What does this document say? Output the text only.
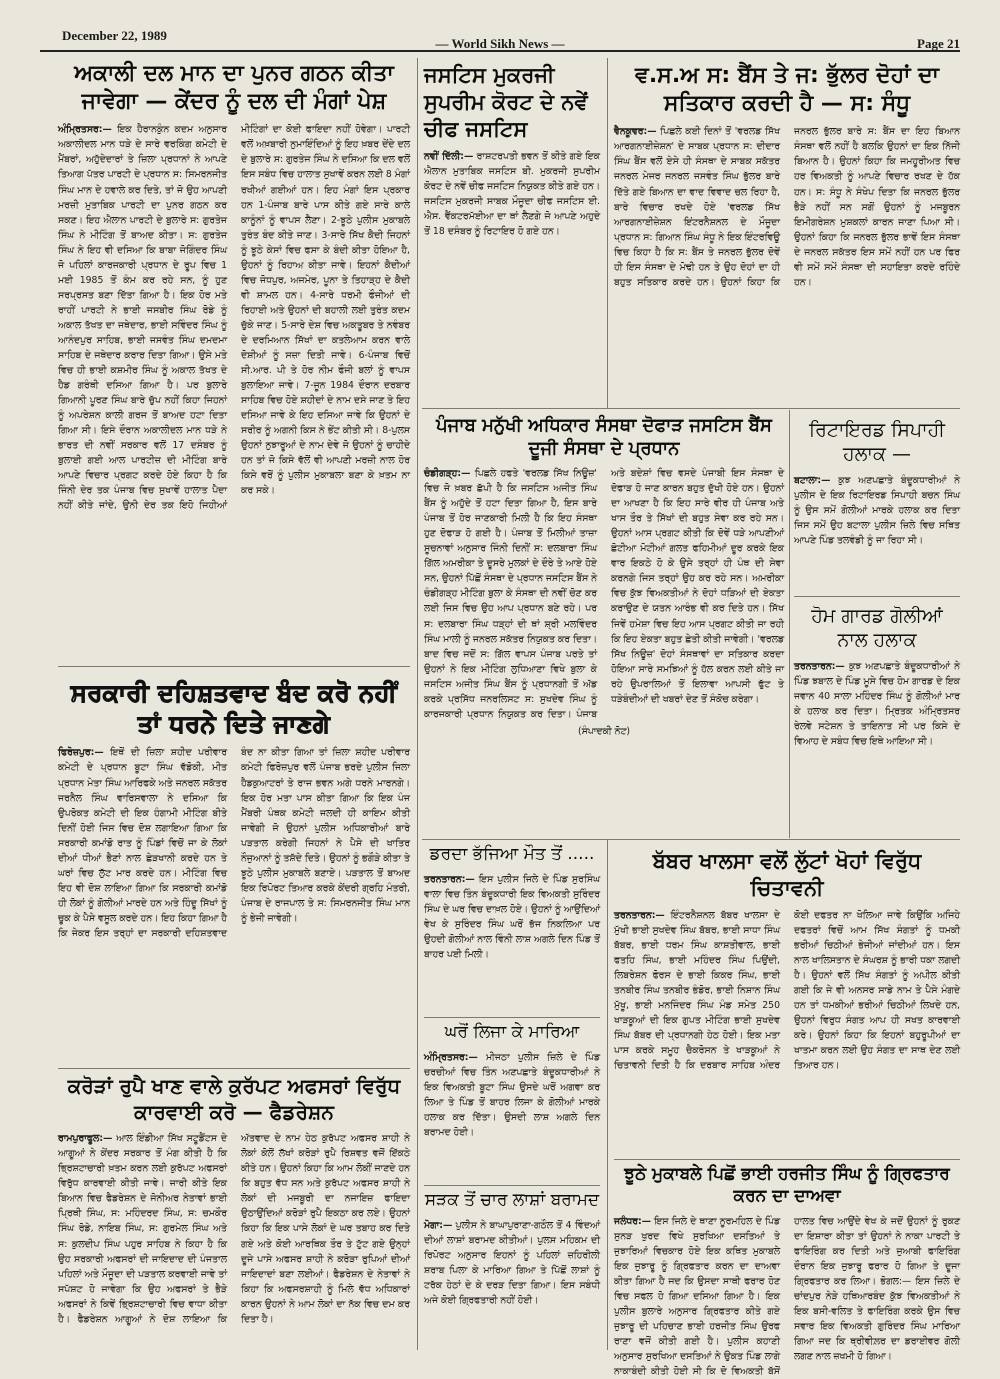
December 22, 1989
— World Sikh News —	Page 21
ਅਕਾਲੀ ਦਲ ਮਾਨ ਦਾ ਪੁਨਰ ਗਠਨ ਕੀਤਾ ਜਾਵੇਗਾ — ਕੇਂਦਰ ਨੂੰ ਦਲ ਦੀ ਮੰਗਾਂ ਪੇਸ਼

ਅੰਮ੍ਰਿਤਸਰ:— ਇਕ ਹੈਰਾਨਕੁੰਨ ਕਦਮ ਅਨੁਸਾਰ ਅਕਾਲੀਦਲ ਮਾਨ ਧੜੇ ਦੇ ਸਾਰੇ ਵਰਕਿੰਗ ਕਮੇਟੀ ਦੇ ਮੈਂਬਰਾਂ, ਅਹੁੱਦੇਦਾਰਾਂ ਤੇ ਜ਼ਿਲਾ ਪ੍ਰਧਾਨਾਂ ਨੇ ਆਪਣੇ ਤਿਆਗ ਪੱਤਰ ਪਾਰਟੀ ਦੇ ਪ੍ਰਧਾਨ ਸ: ਸਿਮਰਨਜੀਤ ਸਿੰਘ ਮਾਨ ਦੇ ਹਵਾਲੇ ਕਰ ਦਿਤੇ, ਤਾਂ ਜੋ ਉਹ ਆਪਣੀ ਮਰਜ਼ੀ ਮੁਤਾਬਿਕ ਪਾਰਟੀ ਦਾ ਪੁਨਰ ਗਠਨ ਕਰ ਸਕਣ। ਇਹ ਐਲਾਨ ਪਾਰਟੀ ਦੇ ਬੁਲਾਰੇ ਸ: ਗੁਰਤੇਜ ਸਿੰਘ ਨੇ ਮੀਟਿੰਗ ਤੋਂ ਬਾਅਦ ਕੀਤਾ। ਸ: ਗੁਰਤੇਜ ਸਿੰਘ ਨੇ ਇਹ ਵੀ ਦਸਿਆ ਕਿ ਬਾਬਾ ਜੋਗਿੰਦਰ ਸਿੰਘ ਜੋ ਪਹਿਲਾਂ ਕਾਰਜਕਾਰੀ ਪ੍ਰਧਾਨ ਦੇ ਰੂਪ ਵਿਚ 1 ਮਈ 1985 ਤੋਂ ਕੰਮ ਕਰ ਰਹੇ ਸਨ, ਨੂੰ ਹੁਣ ਸਰਪ੍ਰਸਤ ਬਣਾ ਦਿੱਤਾ ਗਿਆ ਹੈ। ਇਕ ਹੋਰ ਮਤੇ ਰਾਹੀਂ ਪਾਰਟੀ ਨੇ ਭਾਈ ਜਸਬੀਰ ਸਿੰਘ ਰੋਡੇ ਨੂੰ ਅਕਾਲ ਤੱਖਤ ਦਾ ਜਥੇਦਾਰ, ਭਾਈ ਸਵਿੰਦਰ ਸਿੰਘ ਨੂੰ ਆਨੰਦਪੁਰ ਸਾਹਿਬ, ਭਾਈ ਜਸਵੰਤ ਸਿੰਘ ਦਮਦਮਾ ਸਾਹਿਬ ਦੇ ਜਥੇਦਾਰ ਕਰਾਰ ਦਿਤਾ ਗਿਆ। ਉਸੇ ਮਤੇ ਵਿਚ ਹੀ ਭਾਈ ਕਸ਼ਮੀਰ ਸਿੰਘ ਨੂੰ ਅਕਾਲ ਤੱਖਤ ਦੇ ਹੈਡ ਗਰੰਥੀ ਦਸਿਆ ਗਿਆ ਹੈ। ਪਰ ਬੁਲਾਰੇ ਗਿਆਨੀ ਪੂਰਣ ਸਿੰਘ ਬਾਰੇ ਚੁੱਪ ਨਹੀਂ ਕਿਹਾ ਜਿਹਨਾਂ ਨੂੰ ਅਪਰੇਸ਼ਨ ਕਾਲੀ ਗਰਜ ਤੋਂ ਬਾਅਦ ਹਟਾ ਦਿਤਾ ਗਿਆ ਸੀ। ਇਸੇ ਦੌਰਾਨ ਅਕਾਲੀਦਲ ਮਾਨ ਧੜੇ ਨੇ ਭਾਰਤ ਦੀ ਨਵੀਂ ਸਰਕਾਰ ਵਲੋਂ 17 ਦਸੰਬਰ ਨੂੰ ਬੁਲਾਈ ਗਈ ਆਲ ਪਾਰਟੀਜ਼ ਦੀ ਮੀਟਿੰਗ ਬਾਰੇ ਆਪਣੇ ਵਿਚਾਰ ਪ੍ਰਗਟ ਕਰਦੇ ਹੋਏ ਕਿਹਾ ਹੈ ਕਿ ਜਿੰਨੀ ਦੇਰ ਤਕ ਪੰਜਾਬ ਵਿਚ ਸੁਖਾਵੇਂ ਹਾਲਾਤ ਪੈਦਾ ਨਹੀਂ ਕੀਤੇ ਜਾਂਦੇ, ਉਨੀ ਦੇਰ ਤਕ ਇਹੋ ਜਿਹੀਆਂ ਮੀਟਿੰਗਾਂ ਦਾ ਕੋਈ ਫਾਇਦਾ ਨਹੀਂ ਹੋਵੇਗਾ। ਪਾਰਟੀ ਵਲੋਂ ਅਖ਼ਬਾਰੀ ਨੁਮਾਇੰਦਿਆਂ ਨੂੰ ਇਹ ਖ਼ਬਰ ਦੇਂਦੇ ਦਲ ਦੇ ਬੁਲਾਰੇ ਸ: ਗੁਰਤੇਜ ਸਿੰਘ ਨੇ ਦਸਿਆ ਕਿ ਦਲ ਵਲੋਂ ਇਸ ਸਬੰਧ ਵਿਚ ਹਾਲਾਤ ਸੁਖਾਵੇਂ ਕਰਨ ਲਈ 8 ਮੰਗਾਂ ਰਖੀਆਂ ਗਈਆਂ ਹਨ। ਇਹ ਮੰਗਾਂ ਇਸ ਪ੍ਰਕਾਰ ਹਨ 1-ਪੰਜਾਬ ਬਾਰੇ ਪਾਸ ਕੀਤੇ ਗਏ ਸਾਰੇ ਕਾਲੇ ਕਾਨੂੰਨਾਂ ਨੂੰ ਵਾਪਸ ਲੈਣਾ। 2-ਝੂਠੇ ਪੁਲੀਸ ਮੁਕਾਬਲੇ ਤੁਰੰਤ ਬੰਦ ਕੀਤੇ ਜਾਣ। 3-ਸਾਰੇ ਸਿੱਖ ਕੈਦੀ ਜਿਹਨਾਂ ਨੂੰ ਝੂਠੇ ਕੇਸਾਂ ਵਿਚ ਫਸਾ ਕੇ ਬੰਦੀ ਕੀਤਾ ਹੋਇਆ ਹੈ, ਉਹਨਾਂ ਨੂੰ ਰਿਹਾਅ ਕੀਤਾ ਜਾਵੇ। ਇਹਨਾਂ ਕੈਦੀਆਂ ਵਿਚ ਜੋਧਪੁਰ, ਅਜਮੇਰ, ਪੂਨਾ ਤੇ ਤਿਹਾੜ੍ਹ ਦੇ ਕੈਦੀ ਵੀ ਸ਼ਾਮਲ ਹਨ। 4-ਸਾਰੇ ਧਰਮੀ ਫੌਜੀਆਂ ਦੀ ਰਿਹਾਈ ਅਤੇ ਉਹਨਾਂ ਦੀ ਬਹਾਲੀ ਲਈ ਤੁਰੰਤ ਕਦਮ ਚੁੱਕੇ ਜਾਣ। 5-ਸਾਰੇ ਦੇਸ਼ ਵਿਚ ਅਕਤੂਬਰ ਤੇ ਨਵੰਬਰ ਦੇ ਦਰਮਿਆਨ ਸਿੱਖਾਂ ਦਾ ਕਤਲੇਆਮ ਕਰਨ ਵਾਲੇ ਦੋਸ਼ੀਆਂ ਨੂੰ ਸਜ਼ਾ ਦਿਤੀ ਜਾਵੇ। 6-ਪੰਜਾਬ ਵਿਚੋਂ ਸੀ.ਆਰ. ਪੀ ਤੇ ਹੋਰ ਨੀਮ ਫੌਜੀ ਬਲਾਂ ਨੂੰ ਵਾਪਸ ਬੁਲਾਇਆ ਜਾਵੇ। 7-ਜੂਨ 1984 ਦੌਰਾਨ ਦਰਬਾਰ ਸਾਹਿਬ ਵਿਚ ਹੋਏ ਸ਼ਹੀਦਾਂ ਦੇ ਨਾਮ ਦਸੇ ਜਾਣ ਤੇ ਇਹ ਦਸਿਆ ਜਾਵੇ ਕੇ ਇਹ ਦਸਿਆ ਜਾਵੇ ਕਿ ਉਹਨਾਂ ਦੇ ਸਰੀਰ ਨੂੰ ਅਗਨੀ ਕਿਸ ਨੇ ਭੇਂਟ ਕੀਤੀ ਸੀ। 8-ਪੁਲਸ ਉਹਨਾਂ ਨੁਝਾਰੂਆਂ ਦੇ ਨਾਮ ਦੇਵੇ ਜੋ ਉਹਨਾਂ ਨੂੰ ਚਾਹੀਦੇ ਹਨ ਤਾਂ ਜੋ ਕਿਸੇ ਵੱਲੋਂ ਵੀ ਆਪਣੀ ਮਰਜ਼ੀ ਨਾਲ ਹੋਰ ਕਿਸੇ ਵਰੋਂ ਨੂੰ ਪੁਲੀਸ ਮੁਕਾਬਲਾ ਬਣਾ ਕੇ ਖ਼ਤਮ ਨਾ ਕਰ ਸਕੇ।

ਜਸਟਿਸ ਮੁਕਰਜੀ ਸੁਪਰੀਮ ਕੋਰਟ ਦੇ ਨਵੇਂ ਚੀਫ ਜਸਟਿਸ

ਨਵੀਂ ਦਿੱਲੀ:— ਰਾਸ਼ਟਰਪਤੀ ਭਵਨ ਤੋਂ ਕੀਤੇ ਗਏ ਇਕ ਐਲਾਨ ਮੁਤਾਬਿਕ ਜਸਟਿਸ ਬੀ. ਮੁਕਰਜੀ ਸੁਪਰੀਮ ਕੋਰਟ ਦੇ ਨਵੇਂ ਚੀਫ ਜਸਟਿਸ ਨਿਯੁਕਤ ਕੀਤੇ ਗਏ ਹਨ। ਜਸਟਿਸ ਮੁਕਰਜੀ ਸਾਬਕ ਮੌਜੂਦਾ ਚੀਫ ਜਸਟਿਸ ਈ. ਐਸ. ਵੈਂਕਟਰਮੱਈਆ ਦਾ ਥਾਂ ਲੈਣਗੇ ਜੋ ਆਪਣੇ ਅਹੁਦੇ ਤੋਂ 18 ਦਸੰਬਰ ਨੂੰ ਰਿਟਾਇਰ ਹੋ ਗਏ ਹਨ।

ਵ.ਸ.ਅ ਸ: ਬੈਂਸ ਤੇ ਜ: ਭੁੱਲਰ ਦੋਹਾਂ ਦਾ ਸਤਿਕਾਰ ਕਰਦੀ ਹੈ — ਸ: ਸੰਧੂ

ਵੈਨਕੂਵਰ:— ਪਿਛਲੇ ਕਈ ਦਿਨਾਂ ਤੋਂ 'ਵਰਲਡ ਸਿੱਖ ਆਰਗਨਾਈਜ਼ੇਸ਼ਨ' ਦੇ ਸਾਬਕ ਪ੍ਰਧਾਨ ਸ: ਦੀਦਾਰ ਸਿੰਘ ਬੈਂਸ ਵਲੋਂ ਏਸੇ ਹੀ ਸੰਸਥਾ ਦੇ ਸਾਬਕ ਸਕੱਤਰ ਜਨਰਲ ਮੇਜਰ ਜਨਰਲ ਜਸਵੰਤ ਸਿੰਘ ਭੁੱਲਰ ਬਾਰੇ ਦਿੱਤੇ ਗਏ ਬਿਆਨ ਦਾ ਵਾਦ ਵਿਵਾਦ ਚਲ ਰਿਹਾ ਹੈ, ਬਾਰੇ ਵਿਚਾਰ ਰਖਦੇ ਹੋਏ 'ਵਰਲਡ ਸਿੱਖ ਆਰਗਨਾਈਜ਼ੇਸ਼ਨ ਇਂਟਰਨੈਸ਼ਨਲ ਦੇ ਮੌਜੂਦਾ ਪ੍ਰਧਾਨ ਸ: ਗਿਆਨ ਸਿੰਘ ਸੰਧੂ ਨੇ ਇਕ ਇੰਟਰਵਿਊ ਵਿਚ ਕਿਹਾ ਹੈ ਕਿ ਸ: ਬੈਂਸ ਤੇ ਜਨਰਲ ਭੁੱਲਰ ਦੋਵੇਂ ਹੀ ਇਸ ਸੰਸਥਾ ਦੇ ਮੋਢੀ ਹਨ ਤੇ ਉਹ ਦੋਹਾਂ ਦਾ ਹੀ ਬਹੁਤ ਸਤਿਕਾਰ ਕਰਦੇ ਹਨ। ਉਹਨਾਂ ਕਿਹਾ ਕਿ ਜਨਰਲ ਭੁੱਲਰ ਬਾਰੇ ਸ: ਬੈਂਸ ਦਾ ਇਹ ਬਿਆਨ ਸੰਸਥਾ ਵਲੋਂ ਨਹੀਂ ਹੈ ਬਲਕਿ ਉਹਨਾਂ ਦਾ ਇਕ ਨਿੱਜੀ ਬਿਆਨ ਹੈ। ਉਹਨਾਂ ਕਿਹਾ ਕਿ ਜਮਹੂਰੀਅਤ ਵਿਚ ਹਰ ਵਿਅਕਤੀ ਨੂੰ ਆਪਣੇ ਵਿਚਾਰ ਰਖਣ ਦੇ ਹੱਕ ਹਨ। ਸ: ਸੰਧੂ ਨੇ ਸੰਖੇਪ ਦਿਤਾ ਕਿ ਜਨਰਲ ਭੁੱਲਰ ਭੈੜੇ ਨਹੀਂ ਸਨ ਸਗੋਂ ਉਹਨਾਂ ਨੂੰ ਮਜਬੂਰਨ ਇਮੀਗਰੇਸ਼ਨ ਮੁਸ਼ਕਲਾਂ ਕਾਰਨ ਜਾਣਾ ਪਿਆ ਸੀ। ਉਹਨਾਂ ਕਿਹਾ ਕਿ ਜਨਰਲ ਭੁੱਲਰ ਭਾਵੇਂ ਇਸ ਸੰਸਥਾ ਦੇ ਜਨਰਲ ਸਕੱਤਰ ਇਸ ਸਮੇਂ ਨਹੀਂ ਹਨ ਪਰ ਫਿਰ ਵੀ ਸਮੇਂ ਸਮੇਂ ਸੰਸਥਾ ਦੀ ਸਹਾਇਤਾ ਕਰਦੇ ਰਹਿੰਦੇ ਹਨ।

ਪੰਜਾਬ ਮਨੁੱਖੀ ਅਧਿਕਾਰ ਸੰਸਥਾ ਦੋਫਾੜ ਜਸਟਿਸ ਬੈਂਸ ਦੂਜੀ ਸੰਸਥਾ ਦੇ ਪ੍ਰਧਾਨ

ਚੰਡੀਗੜ੍ਹ:— ਪਿਛਲੇ ਹਫਤੇ 'ਵਰਲਡ ਸਿੱਖ ਨਿਊਜ਼' ਵਿਚ ਜੋ ਖ਼ਬਰ ਛੱਪੀ ਹੈ ਕਿ ਜਸਟਿਸ ਅਜੀਤ ਸਿੰਘ ਬੈਂਸ ਨੂੰ ਅਹੁੱਦੇ ਤੋਂ ਹਟਾ ਦਿਤਾ ਗਿਆ ਹੈ, ਇਸ ਬਾਰੇ ਪੰਜਾਬ ਤੋਂ ਹੋਰ ਜਾਣਕਾਰੀ ਮਿਲੀ ਹੈ ਕਿ ਇਹ ਸੰਸਥਾ ਹੁਣ ਦੋਫਾੜ ਹੋ ਗਈ ਹੈ। ਪੰਜਾਬ ਤੋਂ ਮਿਲੀਆਂ ਤਾਜ਼ਾ ਸੂਚਨਾਵਾਂ ਅਨੁਸਾਰ ਜਿੰਨੀ ਦਿਨੀਂ ਸ: ਦਲਬਾਰਾ ਸਿੰਘ ਗਿੱਲ ਅਮਰੀਕਾ ਤੇ ਦੂਸਰੇ ਮੁਲਕਾਂ ਦੇ ਦੌਰੇ ਤੇ ਆਏ ਹੋਏ ਸਨ, ਉਹਨਾਂ ਪਿੱਛੋਂ ਸੰਸਥਾ ਦੇ ਪ੍ਰਧਾਨ ਜਸਟਿਸ ਬੈਂਸ ਨੇ ਚੰਡੀਗੜ੍ਹ ਮੀਟਿੰਗ ਬੁਲਾ ਕੇ ਸੰਸਥਾ ਦੀ ਨਵੀਂ ਚੋਣ ਕਰ ਲਈ ਜਿਸ ਵਿਚ ਉਹ ਆਪ ਪ੍ਰਧਾਨ ਬਣੇ ਰਹੇ। ਪਰ ਸ: ਦਲਬਾਰਾ ਸਿੰਘ ਧੜ੍ਹਾਂ ਦੀ ਥਾਂ ਸ਼੍ਰੀ ਮਲਵਿੰਦਰ ਸਿੰਘ ਮਾਲੀ ਨੂੰ ਜਨਰਲ ਸਕੱਤਰ ਨਿਯੁਕਤ ਕਰ ਦਿਤਾ। ਬਾਦ ਵਿਚ ਜਦੋਂ ਸ: ਗਿੱਲ ਵਾਪਸ ਪੰਜਾਬ ਪਰਤੇ ਤਾਂ ਉਹਨਾਂ ਨੇ ਇਕ ਮੀਟਿੰਗ ਲੁਧਿਆਣਾ ਵਿਖੇ ਬੁਲਾ ਕੇ ਜਸਟਿਸ ਅਜੀਤ ਸਿੰਘ ਬੈਂਸ ਨੂੰ ਪ੍ਰਧਾਨਗੀ ਤੋਂ ਅੱਡ ਕਰਕੇ ਪ੍ਰਸਿੱਧ ਜਨਰਲਿਸਟ ਸ: ਸੁਖਦੇਵ ਸਿੰਘ ਨੂੰ ਕਾਰਜਕਾਰੀ ਪ੍ਰਧਾਨ ਨਿਯੁਕਤ ਕਰ ਦਿਤਾ। ਪੰਜਾਬ ਅਤੇ ਬਦੇਸ਼ਾਂ ਵਿਚ ਵਸਦੇ ਪੰਜਾਬੀ ਇਸ ਸੰਸਥਾ ਦੇ ਦੋਫਾੜ ਹੋ ਜਾਣ ਕਾਰਨ ਬਹੁਤ ਦੁੱਖੀ ਹੋਏ ਹਨ। ਉਹਨਾਂ ਦਾ ਆਖਣਾ ਹੈ ਕਿ ਇਹ ਸਾਰੇ ਵੀਰ ਹੀ ਪੰਜਾਬ ਅਤੇ ਖਾਸ ਤੌਰ ਤੇ ਸਿੱਖਾਂ ਦੀ ਬਹੁਤ ਸੇਵਾ ਕਰ ਰਹੇ ਸਨ। ਉਹਨਾਂ ਆਸ ਪ੍ਰਗਟ ਕੀਤੀ ਕਿ ਦੋਵੇਂ ਧੜੇ ਆਪਣੀਆਂ ਛੋਟੀਆ ਮੋਟੀਆਂ ਗਲਤ ਫਹਿਮੀਆਂ ਦੂਰ ਕਰਕੇ ਇਕ ਵਾਰ ਇਕਠੇ ਹੋ ਕੇ ਉਸੇ ਤਰ੍ਹਾਂ ਹੀ ਪੰਥ ਦੀ ਸੇਵਾ ਕਰਨਗੇ ਜਿਸ ਤਰ੍ਹਾਂ ਉਹ ਕਰ ਰਹੇ ਸਨ। ਅਮਰੀਕਾ ਵਿਚ ਕੁੱਝ ਵਿਅਕਤੀਆਂ ਨੇ ਦੋਹਾਂ ਧੜਿਆਂ ਦੀ ਏਕਤਾ ਕਰਾਉਣ ਦੇ ਯਤਨ ਆਰੰਭ ਵੀ ਕਰ ਦਿਤੇ ਹਨ। ਸਿੱਖ ਜਿਵੇਂ ਹਮੇਸ਼ਾ ਵਿਚ ਇਹ ਆਸ ਪ੍ਰਗਟ ਕੀਤੀ ਜਾ ਰਹੀ ਕਿ ਇਹ ਏਕਤਾ ਬਹੁਤ ਛੇਤੀ ਕੀਤੀ ਜਾਵੇਗੀ। 'ਵਰਲਡ ਸਿੱਖ ਨਿਊਜ਼' ਦੋਹਾਂ ਸੰਸਥਾਵਾਂ ਦਾ ਸਤਿਕਾਰ ਕਰਦਾ ਹੋਇਆ ਸਾਰੇ ਸਮਝਿਆਂ ਨੂੰ ਹੱਲ ਕਰਨ ਲਈ ਕੀਤੇ ਜਾ ਰਹੇ ਉਪਰਾਲਿਆਂ ਤੋਂ ਇਲਾਵਾ ਆਪਸੀ ਫੁੱਟ ਤੇ ਧੜੇਬੰਦੀਆਂ ਦੀ ਖਬਰਾਂ ਦੇਣ ਤੋਂ ਸੰਕੋਚ ਕਰੇਗਾ।

(ਸੰਪਾਦਕੀ ਨੋਟ)
ਰਿਟਾਇਰਡ ਸਿਪਾਹੀ ਹਲਾਕ —

ਬਟਾਲਾ:— ਕੁਝ ਅਣਪਛਾਤੇ ਬੰਦੂਕਧਾਰੀਆਂ ਨੇ ਪੁਲੀਸ ਦੇ ਇਕ ਰਿਟਾਇਰਡ ਸਿਪਾਹੀ ਬਚਨ ਸਿੰਘ ਨੂੰ ਉਸ ਸਮੇਂ ਗੋਲੀਆਂ ਮਾਰਕੇ ਹਲਾਕ ਕਰ ਦਿਤਾ ਜਿਸ ਸਮੇਂ ਉਹ ਬਟਾਲਾ ਪੁਲੀਸ ਜ਼ਿਲੇ ਵਿਚ ਸਥਿਤ ਆਪਣੇ ਪਿੰਡ ਤਲਵੰਡੀ ਨੂੰ ਜਾ ਰਿਹਾ ਸੀ।

ਹੋਮ ਗਾਰਡ ਗੋਲੀਆਂ ਨਾਲ ਹਲਾਕ

ਤਰਨਤਾਰਨ:— ਕੁਝ ਅਣਪਛਾਤੇ ਬੰਦੂਕਧਾਰੀਆਂ ਨੇ ਪਿੰਡ ਝਬਾਲ ਦੇ ਪਿੰਡ ਮੂਸੇ ਵਿਚ ਹੋਮ ਗਾਰਡ ਦੇ ਇਕ ਜਵਾਨ 40 ਸਾਲਾ ਮਹਿੰਦਰ ਸਿੰਘ ਨੂੰ ਗੋਲੀਆਂ ਮਾਰ ਕੇ ਹਲਾਕ ਕਰ ਦਿਤਾ। ਮ੍ਰਿਤਕ ਅੰਮ੍ਰਿਤਸਰ ਰੇਲਵੇ ਸਟੇਸ਼ਨ ਤੇ ਤਾਇਨਾਤ ਸੀ ਪਰ ਕਿਸੇ ਦੇ ਵਿਆਹ ਦੇ ਸਬੰਧ ਵਿਚ ਇਥੇ ਆਇਆ ਸੀ।

ਸਰਕਾਰੀ ਦਹਿਸ਼ਤਵਾਦ ਬੰਦ ਕਰੋ ਨਹੀਂ ਤਾਂ ਧਰਨੇ ਦਿਤੇ ਜਾਣਗੇ

ਫਿਰੋਜ਼ਪੁਰ:— ਇਥੋਂ ਦੀ ਜ਼ਿਲਾ ਸ਼ਹੀਦ ਪਰੀਵਾਰ ਕਮੇਟੀ ਦੇ ਪ੍ਰਧਾਨ ਬੂਟਾ ਸਿੰਘ ਵੱਡੋਕੀ, ਮੀਤ ਪ੍ਰਧਾਨ ਮੇਤਾ ਸਿੰਘ ਆਰਿਫਕੇ ਅਤੇ ਜਨਰਲ ਸਕੱਤਰ ਜਰਨੈਲ ਸਿੰਘ ਵਾਰਿਸਵਾਲਾ ਨੇ ਦਸਿਆ ਕਿ ਉਪਰੋਕਤ ਕਮੇਟੀ ਦੀ ਇਕ ਹੰਗਾਮੀ ਮੀਟਿੰਗ ਬੀਤੇ ਦਿਨੀਂ ਹੋਈ ਜਿਸ ਵਿਚ ਦੋਸ਼ ਲਗਾਇਆ ਗਿਆ ਕਿ ਸਰਕਾਰੀ ਕਮਾਂਡੋ ਰਾਤ ਨੂੰ ਪਿੰਡਾਂ ਵਿਚੋਂ ਜਾ ਕੇ ਲੋਕਾਂ ਦੀਆਂ ਧੀਆਂ ਭੈਣਾਂ ਨਾਲ ਛੇੜਖਾਨੀ ਕਰਦੇ ਹਨ ਤੇ ਘਰਾਂ ਵਿਚ ਲੁੱਟ ਮਾਰ ਕਰਦੇ ਹਨ। ਮੀਟਿੰਗ ਵਿਚ ਇਹ ਵੀ ਦੋਸ਼ ਲਾਇਆ ਗਿਆ ਕਿ ਸਰਕਾਰੀ ਕਮਾਂਡੋ ਹੀ ਲੋਕਾਂ ਨੂੰ ਗੋਲੀਆਂ ਮਾਰਦੇ ਹਨ ਅਤੇ ਹਿੰਦੂ ਸਿੱਖਾਂ ਨੂੰ ਚੂਕ ਕੇ ਪੈਸੇ ਵਸੂਲ ਕਰਦੇ ਹਨ। ਇਹ ਕਿਹਾ ਗਿਆ ਹੈ ਕਿ ਜੇਕਰ ਇਸ ਤਰ੍ਹਾਂ ਦਾ ਸਰਕਾਰੀ ਦਹਿਸ਼ਤਵਾਦ ਬੰਦ ਨਾ ਕੀਤਾ ਗਿਆ ਤਾਂ ਜ਼ਿਲਾ ਸ਼ਹੀਦ ਪਰੀਵਾਰ ਕਮੇਟੀ ਫਿਰੋਜ਼ਪੁਰ ਵਲੋਂ ਪੰਜਾਬ ਭਰਦੇ ਪੁਲੀਸ ਜਿਲਾ ਹੈਡਕੁਆਟਰਾਂ ਤੇ ਰਾਜ ਭਵਨ ਅਗੇ ਧਰਨੇ ਮਾਰਨਗੇ। ਇਕ ਹੋਰ ਮਤਾ ਪਾਸ ਕੀਤਾ ਗਿਆ ਕਿ ਇਕ ਪੰਜ ਮੈਂਬਰੀ ਪੰਥਕ ਕਮੇਟੀ ਜਲਦੀ ਹੀ ਕਾਇਮ ਕੀਤੀ ਜਾਵੇਗੀ ਜੋ ਉਹਨਾਂ ਪੁਲੀਸ ਅਧਿਕਾਰੀਆਂ ਬਾਰੇ ਪੜਤਾਲ ਕਰੇਗੀ ਜਿਹਨਾਂ ਨੇ ਪੈਸੇ ਦੀ ਖਾਤਿਰ ਨੌਜੁਆਨਾਂ ਨੂੰ ਤਸ਼ੱਦੇ ਦਿਤੇ। ਉਹਨਾਂ ਨੂੰ ਭਗੌੜੇ ਕੀਤਾ ਤੇ ਝੂਠੇ ਪੁਲੀਸ ਮੁਕਾਬਲੇ ਬਣਾਏ। ਪੜਤਾਲ ਤੋਂ ਬਾਅਦ ਇਕ ਰਿਪੋਰਟ ਤਿਆਰ ਕਰਕੇ ਕੇਂਦਰੀ ਗ੍ਰਹਿ ਮੰਤਰੀ, ਪੰਜਾਬ ਦੇ ਰਾਜਪਾਲ ਤੇ ਸ: ਸਿਮਰਨਜੀਤ ਸਿੰਘ ਮਾਨ ਨੂੰ ਭੇਜੀ ਜਾਵੇਗੀ।

ਡਰਦਾ ਭੱਜਿਆ ਮੌਤ ਤੋਂ .....

ਤਰਨਤਾਰਨ:— ਇਸ ਪੁਲੀਸ ਜਿਲੇ ਦੇ ਪਿੰਡ ਸੁਰਸਿੰਘ ਵਾਲਾ ਵਿਚ ਤਿੰਨ ਬੰਦੂਕਧਾਰੀ ਇਕ ਵਿਅਕਤੀ ਸੁਰਿੰਦਰ ਸਿੰਘ ਦੇ ਘਰ ਵਿਚ ਦਾਖ਼ਲ ਹੋਏ। ਉਹਨਾਂ ਨੂੰ ਆਉਂਦਿਆਂ ਵੇਖ ਕੇ ਸੁਰਿੰਦਰ ਸਿੰਘ ਘਰੋਂ ਭੱਜ ਨਿਕਲਿਆ ਪਰ ਉਹਦੀ ਗੋਲੀਆਂ ਨਾਲ ਵਿੰਨੀ ਲਾਸ਼ ਅਗਲੇ ਦਿਨ ਪਿੰਡ ਤੋਂ ਬਾਹਰ ਪਈ ਮਿਲੀ।

ਘਰੋਂ ਲਿਜਾ ਕੇ ਮਾਰਿਆ

ਅੰਮ੍ਰਿਤਸਰ:— ਮੀਜਠਾ ਪੁਲੀਸ ਜ਼ਿਲੇ ਦੇ ਪਿੰਡ ਚਰਚੀਆਂ ਵਿਚ ਤਿੰਨ ਅਣਪਛਾਤੇ ਬੰਦੂਕਧਾਰੀਆਂ ਨੇ ਇਕ ਵਿਅਕਤੀ ਬੂਟਾ ਸਿੰਘ ਉਸਦੇ ਘਰੋਂ ਅਗਵਾ ਕਰ ਲਿਆ ਤੇ ਪਿੰਡ ਤੋਂ ਬਾਹਰ ਲਿਜਾ ਕੇ ਗੋਲੀਆਂ ਮਾਰਕੇ ਹਲਾਕ ਕਰ ਦਿੱਤਾ। ਉਸਦੀ ਲਾਸ਼ ਅਗਲੇ ਦਿਨ ਬਰਾਮਦ ਹੋਈ।

ਸੜਕ ਤੋਂ ਚਾਰ ਲਾਸ਼ਾਂ ਬਰਾਮਦ

ਮੋਗਾ:— ਪੁਲੀਸ ਨੇ ਬਾਘਾਪੁਰਾਣਾ-ਗਠੌਲ ਤੋਂ 4 ਵਿੰਦਆਂ ਦੀਆਂ ਲਾਸ਼ਾਂ ਬਰਾਮਦ ਕੀਤੀਆਂ। ਪੁਲਸ ਮਹਿਕਮ ਦੀ ਰਿਪੋਰਟ ਅਨੁਸਾਰ ਇਹਨਾਂ ਨੂੰ ਪਹਿਲਾਂ ਜ਼ਹਿਰੀਲੀ ਸ਼ਰਾਬ ਪਿਲਾ ਕੇ ਮਾਰਿਆ ਗਿਆ ਤੇ ਪਿੱਛੋਂ ਲਾਸ਼ਾਂ ਨੂੰ ਟਰੱਕ ਹੇਠਾਂ ਦੇ ਕੇ ਦਰੜ ਦਿਤਾ ਗਿਆ। ਇਸ ਸਬੰਧੀ ਅਜੇ ਕੋਈ ਗ੍ਰਿਫਤਾਰੀ ਨਹੀਂ ਹੋਈ।

ਬੱਬਰ ਖਾਲਸਾ ਵਲੋਂ ਲੁੱਟਾਂ ਖੋਹਾਂ ਵਿਰੁੱਧ ਚਿਤਾਵਨੀ

ਤਰਨਤਾਰਨ:— ਇੰਟਰਨੈਸ਼ਨਲ ਬੱਬਰ ਖਾਲਸਾ ਦੇ ਮੁੱਖੀ ਭਾਈ ਸੁਖਦੇਵ ਸਿੰਘ ਬੱਬਰ, ਭਾਈ ਸਾਧਾ ਸਿੰਘ ਬੱਬਰ, ਭਾਈ ਧਰਮ ਸਿੰਘ ਕਾਸ਼ਤੀਵਾਲ, ਭਾਈ ਫਤਹਿ ਸਿੰਘ, ਭਾਈ ਮਹਿੰਦਰ ਸਿੰਘ ਪਿਉਂਦੀ, ਲਿਬਰੇਸ਼ਨ ਫੋਰਸ ਦੇ ਭਾਈ ਕਿਕਰ ਸਿੰਘ, ਭਾਈ ਤਨਬੀਰ ਸਿੰਘ ਤਨਬੀਰ ਭੰਡੋਰ, ਭਾਈ ਨਿਸ਼ਾਨ ਸਿੰਘ ਮੁੱਖੂ, ਭਾਈ ਮਨਜਿੰਦਰ ਸਿੰਘ ਮੰਡ ਸਮੇਤ 250 ਖਾੜਕੂਆਂ ਦੀ ਇਕ ਗੁਪਤ ਮੀਟਿੰਗ ਭਾਈ ਸੁਖਦੇਵ ਸਿੰਘ ਬੱਬਰ ਦੀ ਪ੍ਰਧਾਨਗੀ ਹੇਠ ਹੋਈ। ਇਕ ਮਤਾ ਪਾਸ ਕਰਕੇ ਸਮੂਹ ਚੈਕਰੋਸਨ ਤੇ ਖਾੜਕੂਆਂ ਨੇ ਚਿਤਾਵਨੀ ਦਿਤੀ ਹੈ ਕਿ ਦਰਬਾਰ ਸਾਹਿਬ ਅੰਦਰ ਕੋਈ ਦਫਤਰ ਨਾ ਖੋਲਿਆ ਜਾਵੇ ਕਿਉਂਕਿ ਅਜਿਹੇ ਦਫਤਰਾਂ ਵਿਚੋਂ ਆਮ ਸਿੱਖ ਸੰਗਤਾਂ ਨੂੰ ਧਮਕੀ ਭਰੀਆਂ ਚਿਠੀਆਂ ਭੇਜੀਆਂ ਜਾਂਦੀਆਂ ਹਨ। ਇਸ ਨਾਲ ਖਾਲਿਸਤਾਨ ਦੇ ਸੰਘਰਸ਼ ਨੂੰ ਭਾਰੀ ਧਕਾ ਲਗਦੀ ਹੈ। ਉਹਨਾਂ ਵਲੋਂ ਸਿੱਖ ਸੰਗਤਾਂ ਨੂੰ ਅਪੀਲ ਕੀਤੀ ਗਈ ਕਿ ਜੇ ਵੀ ਅਨਸਰ ਸਾਡੇ ਨਾਮ ਤੇ ਪੈਸੇ ਮੰਗਦੇ ਹਨ ਤਾਂ ਧਮਕੀਆਂ ਭਰੀਆਂ ਚਿਠੀਆਂ ਲਿਖਦੇ ਹਨ, ਉਹਨਾਂ ਵਿਰੁਧ ਸੰਗਤ ਆਪ ਹੀ ਸਖਤ ਕਾਰਵਾਈ ਕਰੇ। ਉਹਨਾਂ ਕਿਹਾ ਕਿ ਇਹਨਾਂ ਬਹੁਰੂਪੀਆਂ ਦਾ ਖਾਤਮਾ ਕਰਨ ਲਈ ਉਹ ਸੰਗਤ ਦਾ ਸਾਥ ਦੇਣ ਲਈ ਤਿਆਰ ਹਨ।

ਕਰੋੜਾਂ ਰੁਪੈ ਖਾਣ ਵਾਲੇ ਕੁਰੱਪਟ ਅਫਸਰਾਂ ਵਿਰੁੱਧ ਕਾਰਵਾਈ ਕਰੋ — ਫੈਡਰੇਸ਼ਨ

ਰਾਮਪੁਰਾਫੂਲ:— ਆਲ ਇੰਡੀਆ ਸਿੱਖ ਸਟੂਡੈਂਟਸ ਦੇ ਆਗੂਆਂ ਨੇ ਕੇਂਦਰ ਸਰਕਾਰ ਤੋਂ ਮੰਗ ਕੀਤੀ ਹੈ ਕਿ ਭ੍ਰਿਸ਼ਟਾਚਾਰੀ ਖ਼ਤਮ ਕਰਨ ਲਈ ਕੁਰੱਪਟ ਅਫਸਰਾਂ ਵਿਰੁੱਧ ਕਾਰਵਾਈ ਕੀਤੀ ਜਾਵੇ। ਜਾਰੀ ਕੀਤੇ ਇਕ ਬਿਆਨ ਵਿਚ ਫੈਡਰੇਸ਼ਨ ਦੇ ਜੋਨੀਅਰ ਨੇਤਾਵਾਂ ਭਾਈ ਪ੍ਰਿਥੀ ਸਿੰਘ, ਸ: ਮਹਿੰਦਰਦ ਸਿੰਘ, ਸ: ਚਮਕੌਰ ਸਿੰਘ ਰੋਡੇ, ਨਾਇਬ ਸਿੰਘ, ਸ: ਗੁਰਮੇਲ ਸਿੰਘ ਅਤੇ ਸ: ਕੁਲਦੀਪ ਸਿੰਘ ਪਹੁਰ ਸਾਹਿਬ ਨੇ ਕਿਹਾ ਹੈ ਕਿ ਉਹ ਸਰਕਾਰੀ ਅਫਸਰਾਂ ਦੀ ਜਾਇਦਾਦ ਦੀ ਪੰਜਤਾਲ ਪਹਿਲਾਂ ਅਤੇ ਮੌਜੂਦਾ ਦੀ ਪੜਤਾਲ ਕਰਵਾਈ ਜਾਵੇ ਤਾਂ ਸਪੱਸ਼ਟ ਹੋ ਜਾਵੇਗਾ ਕਿ ਉਹ ਅਫਸਰਾਂ ਤੇ ਭੈੜੇ ਅਫਸਰਾਂ ਨੇ ਕਿਵੇਂ ਭ੍ਰਿਸ਼ਟਾਚਾਰੀ ਵਿਚ ਵਾਧਾ ਕੀਤਾ ਹੈ। ਫੈਡਰੇਸ਼ਨ ਆਗੂਆਂ ਨੇ ਦੋਸ਼ ਲਾਇਆ ਕਿ ਅੱਤਵਾਦ ਦੇ ਨਾਮ ਹੇਠ ਕੁਰੱਪਟ ਅਫਸਰ ਸ਼ਾਹੀ ਨੇ ਲੋਕਾਂ ਕੋਲੋਂ ਲੱਖਾਂ ਕਰੋੜਾਂ ਰੁਪੈ ਰਿਸ਼ਵਤ ਵਜੋਂ ਇੱਕਠੇ ਕੀਤੇ ਹਨ। ਉਹਨਾਂ ਕਿਹਾ ਕਿ ਆਮ ਲੋਕੀਂ ਜਾਣਦੇ ਹਨ ਕਿ ਬਹੁਤ ਵੱਧ ਸਨ ਅਤੇ ਕੁਰੱਪਟ ਅਫਸਰ ਸ਼ਾਹੀ ਨੇ ਲੋਕਾਂ ਦੀ ਮਜਬੂਰੀ ਦਾ ਨਜਾਇਜ਼ ਫਾਇਦਾ ਉਠਾਉਂਦਿਆਂ ਕਰੋੜਾਂ ਰੁਪੈ ਇਕਠਾ ਕਰ ਲਏ। ਉਹਨਾਂ ਕਿਹਾ ਕਿ ਇਕ ਪਾਸੇ ਲੋਕਾਂ ਦੇ ਘਰ ਤਬਾਹ ਕਰ ਦਿਤੇ ਗਏ ਅਤੇ ਕੋਈ ਆਰਥਿਕ ਤੌਰ ਤੇ ਟੁੱਟ ਗਏ ਉਨ੍ਹਾਂ ਦੂਜੇ ਪਾਸੇ ਅਫਸਰ ਸ਼ਾਹੀ ਨੇ ਕਰੋੜਾ ਰੁਪਿਆਂ ਦੀਆਂ ਜਾਇਦਾਦਾਂ ਬਣਾ ਲਈਆਂ। ਫੈਡਰੇਸ਼ਨ ਦੇ ਨੇਤਾਵਾਂ ਨੇ ਕਿਹਾ ਕਿ ਅਫਸਰਸ਼ਾਹੀ ਨੂੰ ਮਿਲੇ ਵੱਧ ਅਧਿਕਾਰਾਂ ਕਾਰਨ ਉਹਨਾਂ ਨੇ ਆਮ ਲੋਕਾਂ ਦਾ ਨੱਕ ਵਿਚ ਦਮ ਕਰ ਦਿਤਾ ਹੈ।

ਝੂਠੇ ਮੁਕਾਬਲੇ ਪਿਛੋਂ ਭਾਈ ਹਰਜੀਤ ਸਿੰਘ ਨੂੰ ਗ੍ਰਿਫਤਾਰ ਕਰਨ ਦਾ ਦਾਅਵਾ

ਜਲੰਧਰ:— ਇਸ ਜਿਲੇ ਦੇ ਥਾਣਾ ਨੂਰਮਹਿਲ ਦੇ ਪਿੰਡ ਸੁਨੜ ਖੁਰਦ ਵਿਖੇ ਸੁਰਖਿਆ ਦਸਤਿਆਂ ਤੇ ਜੁਝਾਰਿਆਂ ਵਿਚਕਾਰ ਹੋਏ ਇਕ ਕਥਿਤ ਮੁਕਾਬਲੇ ਇਕ ਜੁਝਾਰੂ ਨੂੰ ਗ੍ਰਿਫਤਾਰ ਕਰਨ ਦਾ ਦਾਅਵਾ ਕੀਤਾ ਗਿਆ ਹੈ ਜਦ ਕਿ ਉਸਦਾ ਸਾਥੀ ਫਰਾਰ ਹੋਣ ਵਿਚ ਸਫਲ ਹੋ ਗਿਆ ਦਸਿਆ ਗਿਆ ਹੈ। ਇਕ ਪੁਲੀਸ ਬੁਲਾਰੇ ਅਨੁਸਾਰ ਗ੍ਰਿਫਤਾਰ ਕੀਤੇ ਗਏ ਜੁਝਾਰੂ ਦੀ ਪਹਿਚਾਣ ਭਾਈ ਹਰਜੀਤ ਸਿੰਘ ਉਰਫ ਰਾਣਾ ਵਜੋਂ ਕੀਤੀ ਗਈ ਹੈ। ਪੁਲੀਸ ਕਹਾਣੀ ਅਨੁਸਾਰ ਸੁਰਖਿਆ ਦਸਤਿਆਂ ਨੇ ਉਕਤ ਪਿੰਡ ਲਾਗੇ ਨਾਕਾਬੰਦੀ ਕੀਤੀ ਹੋਈ ਸੀ ਕਿ ਦੋ ਵਿਅਕਤੀ ਬੱਸੋਂ ਹਾਲਤ ਵਿਚ ਆਉਂਦੇ ਵੇਖ ਕੇ ਜਦੋਂ ਉਹਨਾਂ ਨੂੰ ਰੁਕਣ ਦਾ ਇਸ਼ਾਰਾ ਕੀਤਾ ਤਾਂ ਉਹਨਾਂ ਨੇ ਨਾਕਾ ਪਾਰਟੀ ਤੇ ਫਾਇਰਿੰਗ ਕਰ ਦਿਤੀ ਅਤੇ ਜੁਆਬੀ ਫਾਇਰਿੰਗ ਦੌਰਾਨ ਇਕ ਜੁਝਾਰੂ ਫਰਾਰ ਹੋ ਗਿਆ ਤੇ ਦੂਜਾ ਗ੍ਰਿਫਤਾਰ ਕਰ ਲਿਆ। ਭੋਗਲ:— ਇਸ ਜ਼ਿਲੇ ਦੇ ਚਾਂਦਪੁਰ ਨੇੜੇ ਹਥਿਆਰਬੰਦ ਕੁੱਝ ਵਿਅਕਤੀਆਂ ਨੇ ਇਕ ਬਸੀ-ਵਲਿਤ ਤੇ ਫਾਇਰਿੰਗ ਕਰਕੇ ਉਸ ਵਿਚ ਸਵਾਰ ਇਕ ਵਿਅਕਤੀ ਗੁਰਿੰਦਰ ਸਿੰਘ ਮਾਰਿਆ ਗਿਆ ਜਦ ਕਿ ਥ੍ਰੀਵੀਲ਼ਰ ਦਾ ਡਰਾਈਵਰ ਗੋਲੀ ਲਗਣ ਨਾਲ ਜ਼ਖਮੀ ਹੋ ਗਿਆ।
